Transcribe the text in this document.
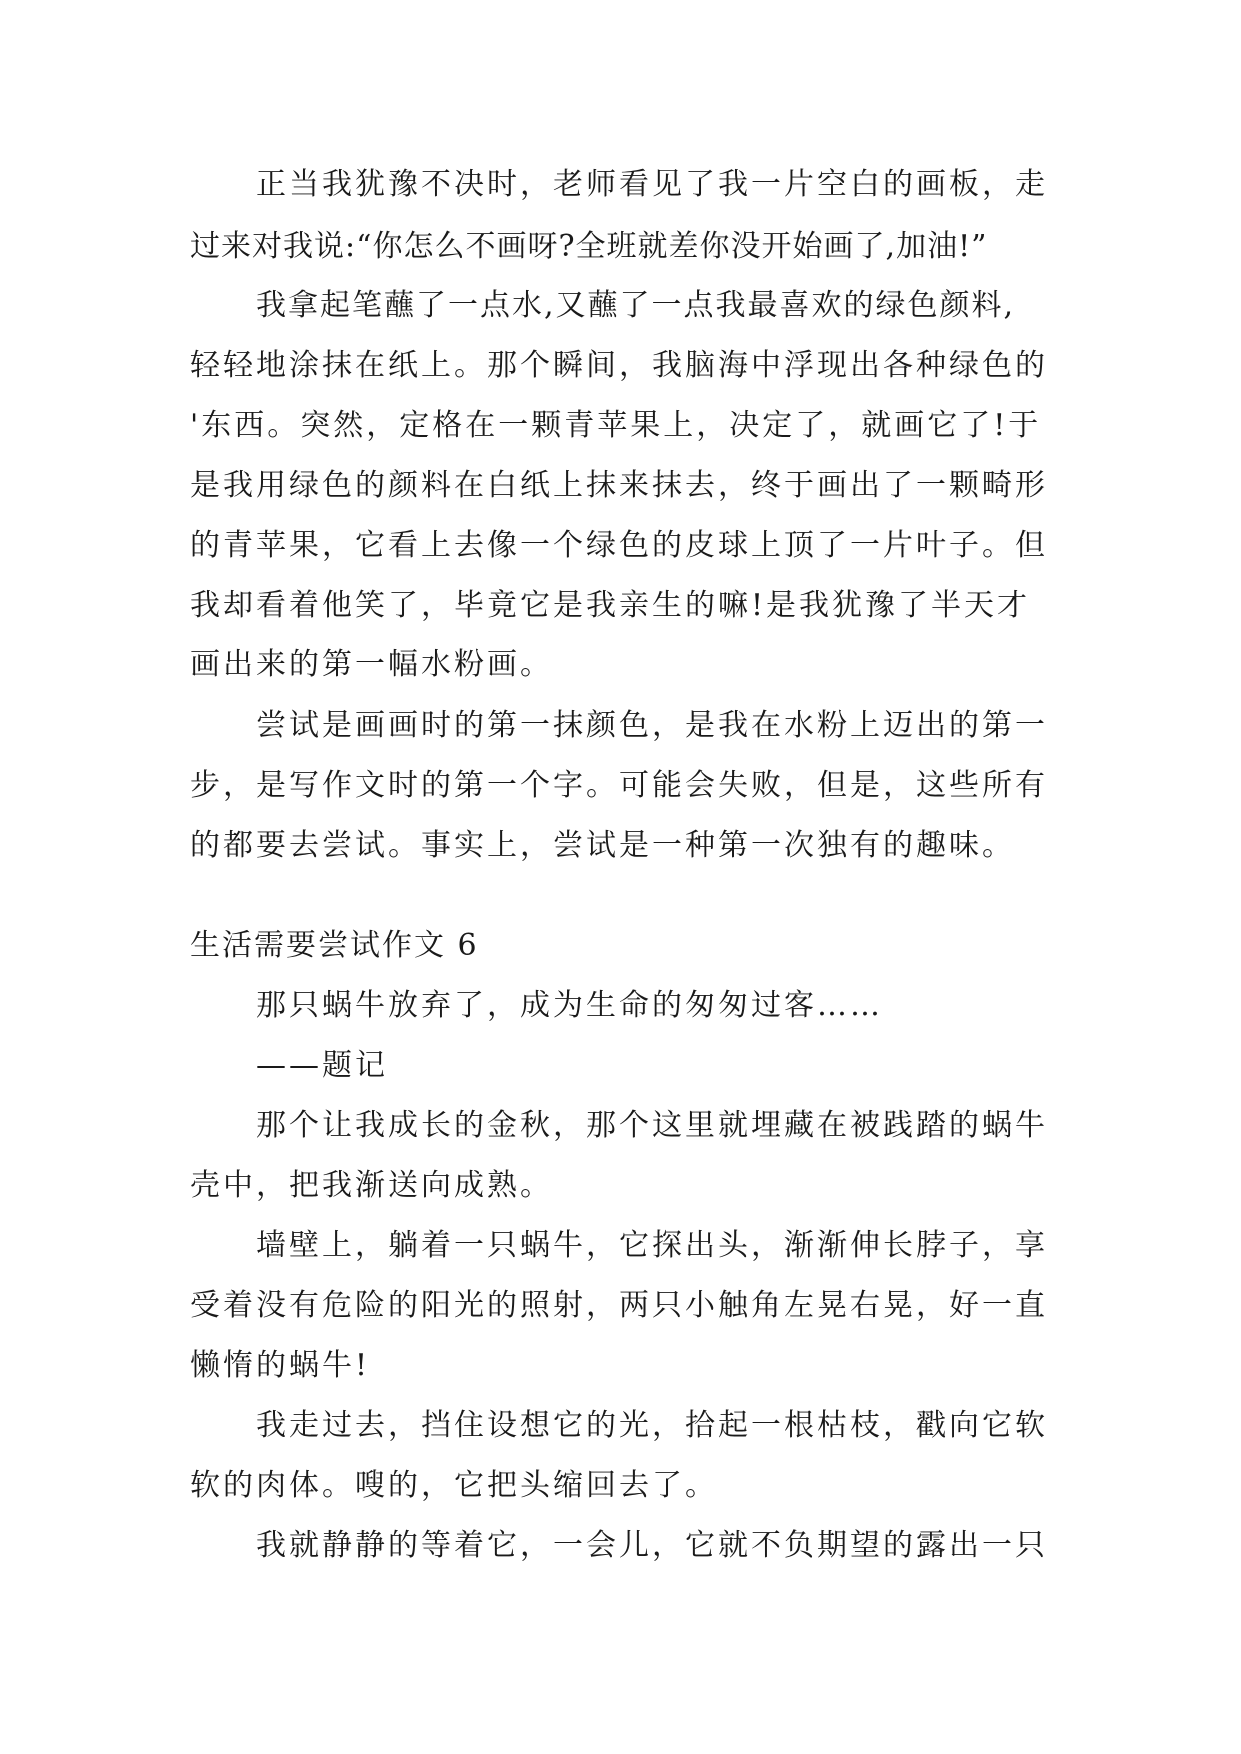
正当我犹豫不决时，老师看见了我一片空白的画板，走
过来对我说:“你怎么不画呀?全班就差你没开始画了,加油!”
我拿起笔蘸了一点水,又蘸了一点我最喜欢的绿色颜料,
轻轻地涂抹在纸上。那个瞬间，我脑海中浮现出各种绿色的
'东西。突然，定格在一颗青苹果上，决定了，就画它了!于
是我用绿色的颜料在白纸上抹来抹去，终于画出了一颗畸形
的青苹果，它看上去像一个绿色的皮球上顶了一片叶子。但
我却看着他笑了，毕竟它是我亲生的嘛!是我犹豫了半天才
画出来的第一幅水粉画。
尝试是画画时的第一抹颜色，是我在水粉上迈出的第一
步，是写作文时的第一个字。可能会失败，但是，这些所有
的都要去尝试。事实上，尝试是一种第一次独有的趣味。
生活需要尝试作文 6
那只蜗牛放弃了，成为生命的匆匆过客……
——题记
那个让我成长的金秋，那个这里就埋藏在被践踏的蜗牛
壳中，把我渐送向成熟。
墙壁上，躺着一只蜗牛，它探出头，渐渐伸长脖子，享
受着没有危险的阳光的照射，两只小触角左晃右晃，好一直
懒惰的蜗牛!
我走过去，挡住设想它的光，拾起一根枯枝，戳向它软
软的肉体。嗖的，它把头缩回去了。
我就静静的等着它，一会儿，它就不负期望的露出一只
